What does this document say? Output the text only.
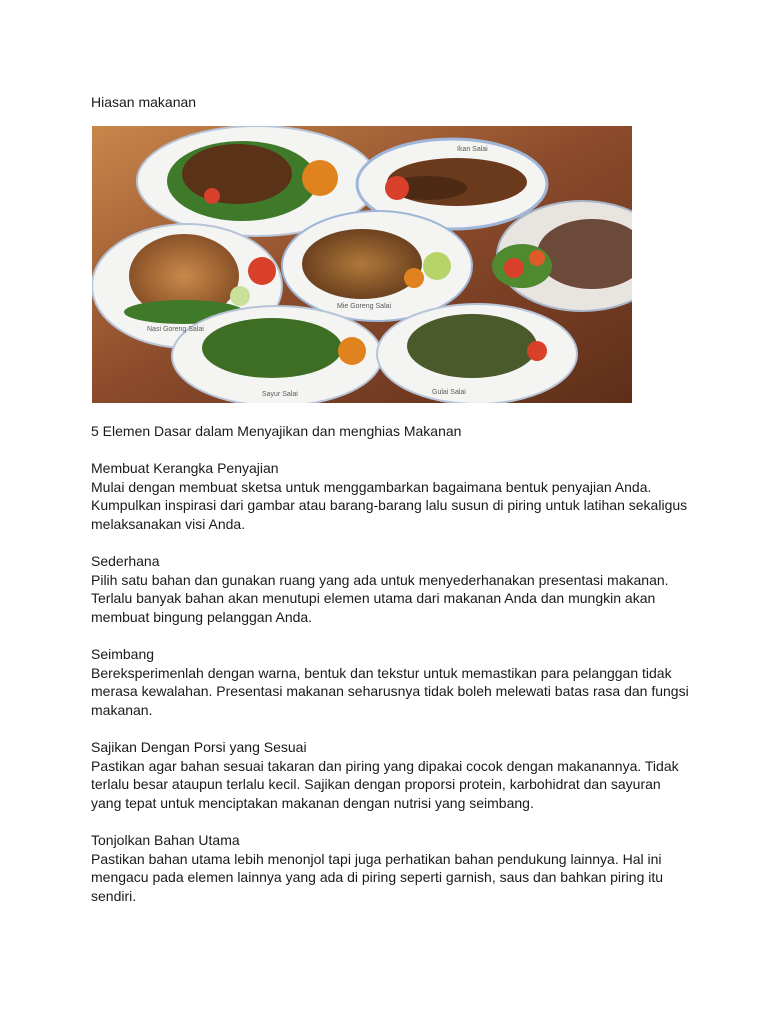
Hiasan makanan
Nasi Goreng Salai
Mie Goreng Salai
Sayur Salai	Gulai Salai
Ikan Salai

5 Elemen Dasar dalam Menyajikan dan menghias Makanan

Membuat Kerangka Penyajian

Mulai dengan membuat sketsa untuk menggambarkan bagaimana bentuk penyajian Anda. Kumpulkan inspirasi dari gambar atau barang-barang lalu susun di piring untuk latihan sekaligus melaksanakan visi Anda.

Sederhana

Pilih satu bahan dan gunakan ruang yang ada untuk menyederhanakan presentasi makanan. Terlalu banyak bahan akan menutupi elemen utama dari makanan Anda dan mungkin akan membuat bingung pelanggan Anda.

Seimbang

Bereksperimenlah dengan warna, bentuk dan tekstur untuk memastikan para pelanggan tidak merasa kewalahan. Presentasi makanan seharusnya tidak boleh melewati batas rasa dan fungsi makanan.

Sajikan Dengan Porsi yang Sesuai

Pastikan agar bahan sesuai takaran dan piring yang dipakai cocok dengan makanannya. Tidak terlalu besar ataupun terlalu kecil. Sajikan dengan proporsi protein, karbohidrat dan sayuran yang tepat untuk menciptakan makanan dengan nutrisi yang seimbang.

Tonjolkan Bahan Utama

Pastikan bahan utama lebih menonjol tapi juga perhatikan bahan pendukung lainnya. Hal ini mengacu pada elemen lainnya yang ada di piring seperti garnish, saus dan bahkan piring itu sendiri.
